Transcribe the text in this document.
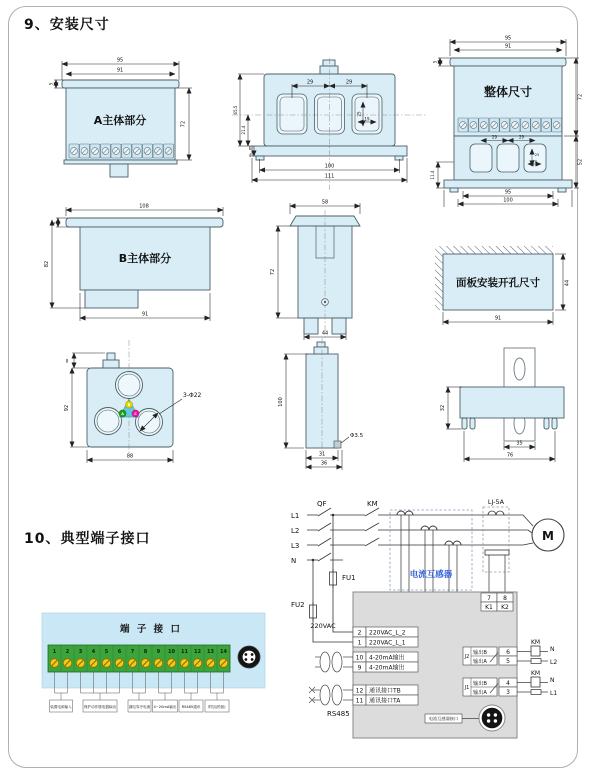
9、安装尺寸
95
91
5
72
A主体部分
29	29
25
19
100
111
65.5
21.4
6
4
29	29
25
19
95
91
5
72
52
11.4
95
100
整体尺寸
108
6
82
91
B主体部分
58
72
44
44
91
面板安装开孔尺寸
B
A	C
3-Φ22
8
92
88
100
Φ3.5
31
36
32
35
76
10、典型端子接口
端 子 接 口
1 2 3 4 5 6 7 8 9 10 11 12 13 14
装置电源输入	保护动作继电器输出	漏电零序电流 4~20mA输出 RS485通讯 附加(预留)
L1
L2
L3
N
QF	KM
FU1
FU2
220VAC
电流互感器
LJ-5A
M
7 8
K1 K2
2 220VAC_L_2
1 220VAC_L_1
10 4-20mA输出
9 4-20mA输出
12 通讯接口TB
11 通讯接口TA
RS485
J2
输出B
输出A
6
5
KM
N
L2
J1
输出B
输出A
4
3
KM
N
L1
电流互感器接口
